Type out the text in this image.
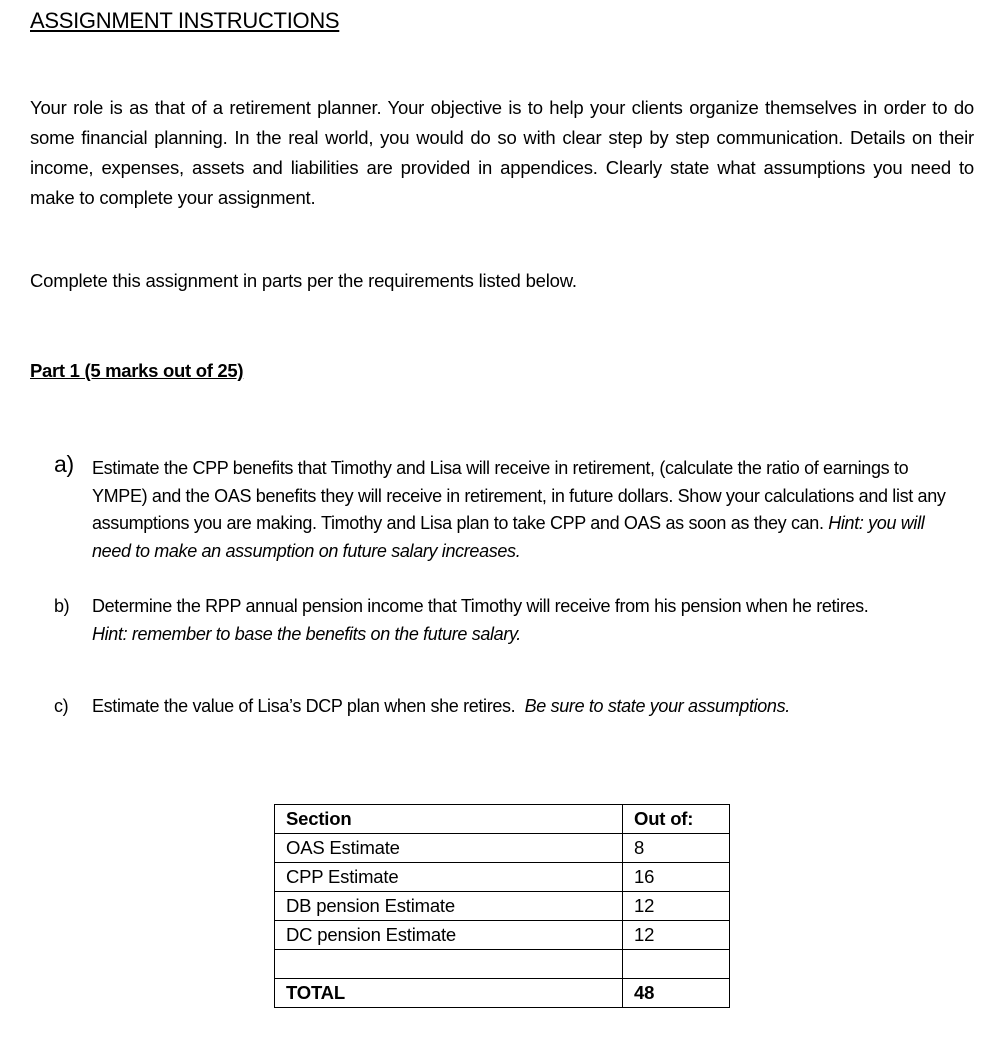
ASSIGNMENT INSTRUCTIONS
Your role is as that of a retirement planner. Your objective is to help your clients organize themselves in order to do some financial planning. In the real world, you would do so with clear step by step communication. Details on their income, expenses, assets and liabilities are provided in appendices. Clearly state what assumptions you need to make to complete your assignment.
Complete this assignment in parts per the requirements listed below.
Part 1 (5 marks out of 25)
a) Estimate the CPP benefits that Timothy and Lisa will receive in retirement, (calculate the ratio of earnings to YMPE) and the OAS benefits they will receive in retirement, in future dollars. Show your calculations and list any assumptions you are making. Timothy and Lisa plan to take CPP and OAS as soon as they can. Hint: you will need to make an assumption on future salary increases.
b) Determine the RPP annual pension income that Timothy will receive from his pension when he retires.  Hint: remember to base the benefits on the future salary.
c) Estimate the value of Lisa’s DCP plan when she retires. Be sure to state your assumptions.
Section	Out of:
OAS Estimate	8
CPP Estimate	16
DB pension Estimate	12
DC pension Estimate	12

TOTAL	48
